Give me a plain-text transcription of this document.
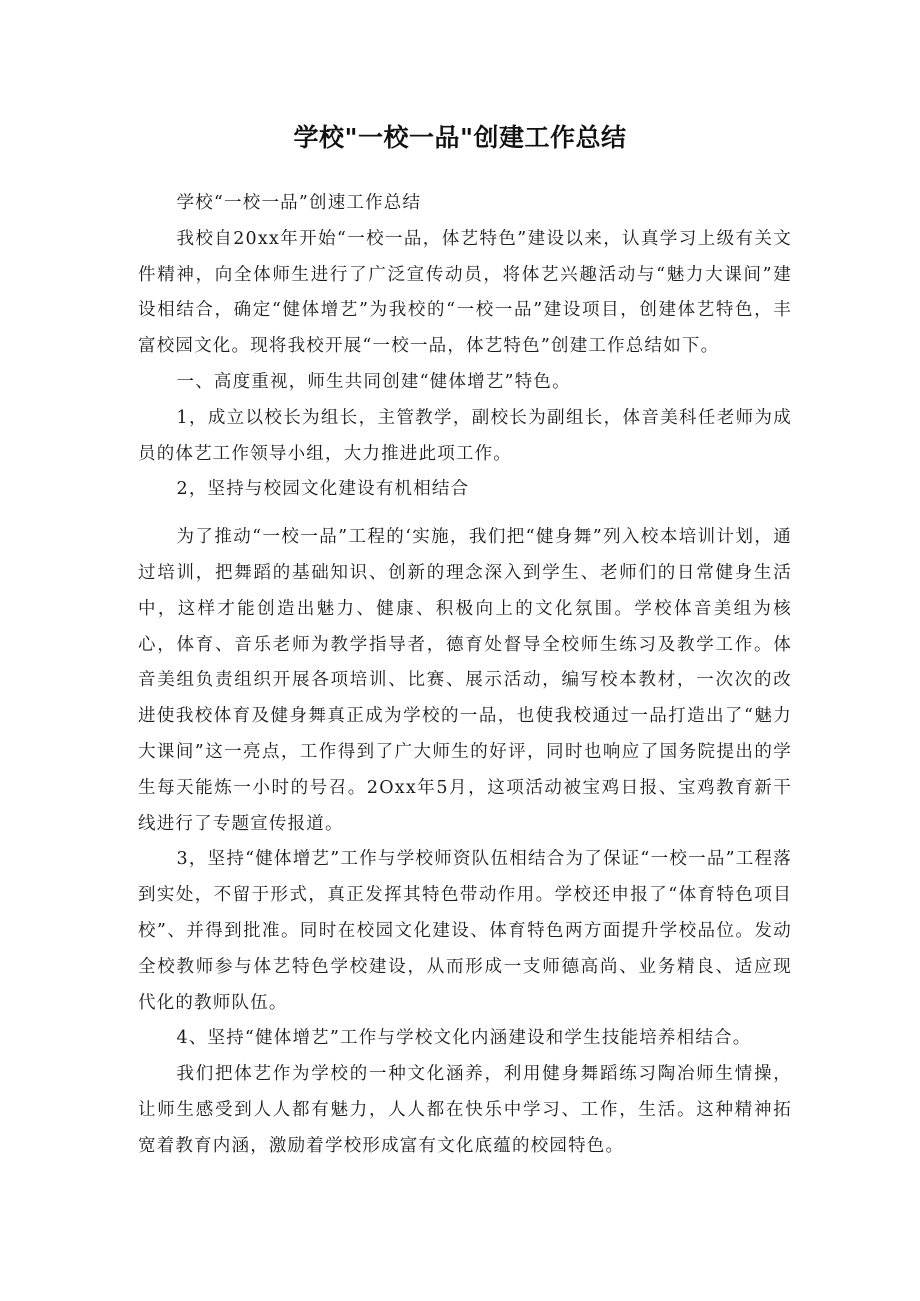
学校"一校一品"创建工作总结

学校“一校一品”创速工作总结

我校自20xx年开始“一校一品，体艺特色”建设以来，认真学习上级有关文件精神，向全体师生进行了广泛宣传动员，将体艺兴趣活动与“魅力大课间”建设相结合，确定“健体增艺”为我校的“一校一品”建设项目，创建体艺特色，丰富校园文化。现将我校开展“一校一品，体艺特色”创建工作总结如下。

一、高度重视，师生共同创建“健体增艺”特色。

1，成立以校长为组长，主管教学，副校长为副组长，体音美科任老师为成员的体艺工作领导小组，大力推进此项工作。

2，坚持与校园文化建设有机相结合

为了推动“一校一品”工程的‘实施，我们把“健身舞”列入校本培训计划，通过培训，把舞蹈的基础知识、创新的理念深入到学生、老师们的日常健身生活中，这样才能创造出魅力、健康、积极向上的文化氛围。学校体音美组为核心，体育、音乐老师为教学指导者，德育处督导全校师生练习及教学工作。体音美组负责组织开展各项培训、比赛、展示活动，编写校本教材，一次次的改进使我校体育及健身舞真正成为学校的一品，也使我校通过一品打造出了“魅力大课间”这一亮点，工作得到了广大师生的好评，同时也响应了国务院提出的学生每天能炼一小时的号召。2Oxx年5月，这项活动被宝鸡日报、宝鸡教育新干线进行了专题宣传报道。

3，坚持“健体增艺”工作与学校师资队伍相结合为了保证“一校一品”工程落到实处，不留于形式，真正发挥其特色带动作用。学校还申报了“体育特色项目校”、并得到批准。同时在校园文化建设、体育特色两方面提升学校品位。发动全校教师参与体艺特色学校建设，从而形成一支师德高尚、业务精良、适应现代化的教师队伍。

4、坚持“健体增艺”工作与学校文化内涵建设和学生技能培养相结合。

我们把体艺作为学校的一种文化涵养，利用健身舞蹈练习陶冶师生情操，让师生感受到人人都有魅力，人人都在快乐中学习、工作，生活。这种精神拓宽着教育内涵，激励着学校形成富有文化底蕴的校园特色。
